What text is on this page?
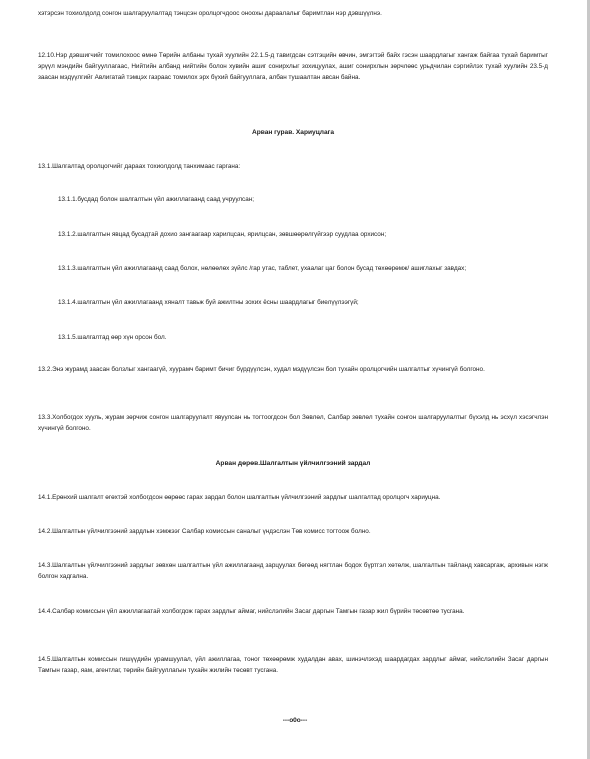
хэтэрсэн тохиолдолд сонгон шалгаруулалтад тэнцсэн оролцогчдоос оноохы дараалалыг баримтлан нэр дэвшүүлнэ.

12.10.Нэр дэвшигчийг томилохоос өмнө Төрийн албаны тухай хуулийн 22.1.5-д тавигдсан сэтгэцийн өвчин, эмгэгтэй байх гэсэн шаардлагыг хангаж байгаа тухай баримтыг эрүүл мэндийн байгууллагаас, Нийтийн албанд нийтийн болон хувийн ашиг сонирхлыг зохицуулах, ашиг сонирхлын зөрчлөөс урьдчилан сэргийлэх тухай хуулийн 23.5-д заасан мэдүүлгийг Авлигатай тэмцэх газраас томилох эрх бүхий байгууллага, албан тушаалтан авсан байна.

Арван гурав. Хариуцлага

13.1.Шалгалтад оролцогчийг дараах тохиолдолд танхимаас гаргана:

13.1.1.бусдад болон шалгалтын үйл ажиллагаанд саад учруулсан;

13.1.2.шалгалтын явцад бусадтай дохио зангаагаар харилцсан, ярилцсан, зөвшөөрөлгүйгээр суудлаа орхисон;

13.1.3.шалгалтын үйл ажиллагаанд саад болох, нөлөөлөх зүйлс /гар утас, таблет, ухаалаг цаг болон бусад төхөөрөмж/ ашиглахыг завдах;

13.1.4.шалгалтын үйл ажиллагаанд хяналт тавьж буй ажилтны зохих ёсны шаардлагыг биелүүлээгүй;

13.1.5.шалгалтад өөр хүн орсон бол.

13.2.Энэ журамд заасан болзлыг хангаагүй, хуурамч баримт бичиг бүрдүүлсэн, худал мэдүүлсэн бол тухайн оролцогчийн шалгалтыг хүчингүй болгоно.

13.3.Холбогдох хууль, журам зөрчиж сонгон шалгаруулалт явуулсан нь тогтоогдсон бол Зөвлөл, Салбар зөвлөл тухайн сонгон шалгаруулалтыг бүхэлд нь эсхүл хэсэгчлэн хүчингүй болгоно.

Арван дөрөв.Шалгалтын үйлчилгээний зардал

14.1.Ерөнхий шалгалт өгөхтэй холбогдсон өөрөөс гарах зардал болон шалгалтын үйлчилгээний зардлыг шалгалтад оролцогч хариуцна.

14.2.Шалгалтын үйлчилгээний зардлын хэмжээг Салбар комиссын саналыг үндэслэн Төв комисс тогтоож болно.

14.3.Шалгалтын үйлчилгээний зардлыг зөвхөн шалгалтын үйл ажиллагаанд зарцуулах бөгөөд нягтлан бодох бүртгэл хөтөлж, шалгалтын тайланд хавсаргаж, архивын нэгж болгон хадгална.

14.4.Салбар комиссын үйл ажиллагаатай холбогдож гарах зардлыг аймаг, нийслэлийн Засаг даргын Тамгын газар жил бүрийн төсөвтөө тусгана.

14.5.Шалгалтын комиссын гишүүдийн урамшуулал, үйл ажиллагаа, тоног төхөөрөмж худалдан авах, шинэчлэхэд шаардагдах зардлыг аймаг, нийслэлийн Засаг даргын Тамгын газар, яам, агентлаг, төрийн байгууллагын тухайн жилийн төсөвт тусгана.

---o0o---
